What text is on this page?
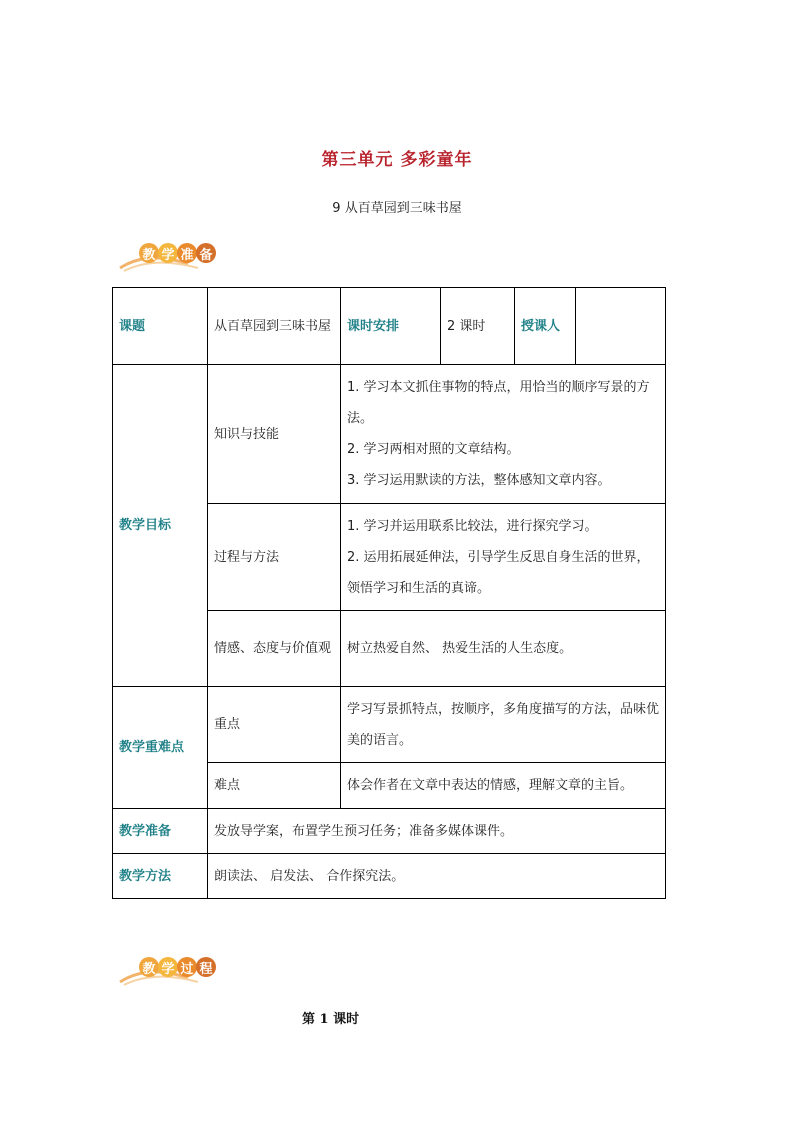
第三单元 多彩童年
9 从百草园到三味书屋
教 学 准 备
课题	从百草园到三味书屋	课时安排	2 课时	授课人	
教学目标	知识与技能	1. 学习本文抓住事物的特点，用恰当的顺序写景的方法。
2. 学习两相对照的文章结构。
3. 学习运用默读的方法，整体感知文章内容。			

	过程与方法	1. 学习并运用联系比较法，进行探究学习。
2. 运用拓展延伸法，引导学生反思自身生活的世界，领悟学习和生活的真谛。			

	情感、态度与价值观	树立热爱自然、 热爱生活的人生态度。			
教学重难点	重点	学习写景抓特点，按顺序，多角度描写的方法，品味优美的语言。			
	难点	体会作者在文章中表达的情感，理解文章的主旨。			
教学准备	发放导学案，布置学生预习任务；准备多媒体课件。				
教学方法	朗读法、 启发法、 合作探究法。				
教 学 过 程
第 1 课时
